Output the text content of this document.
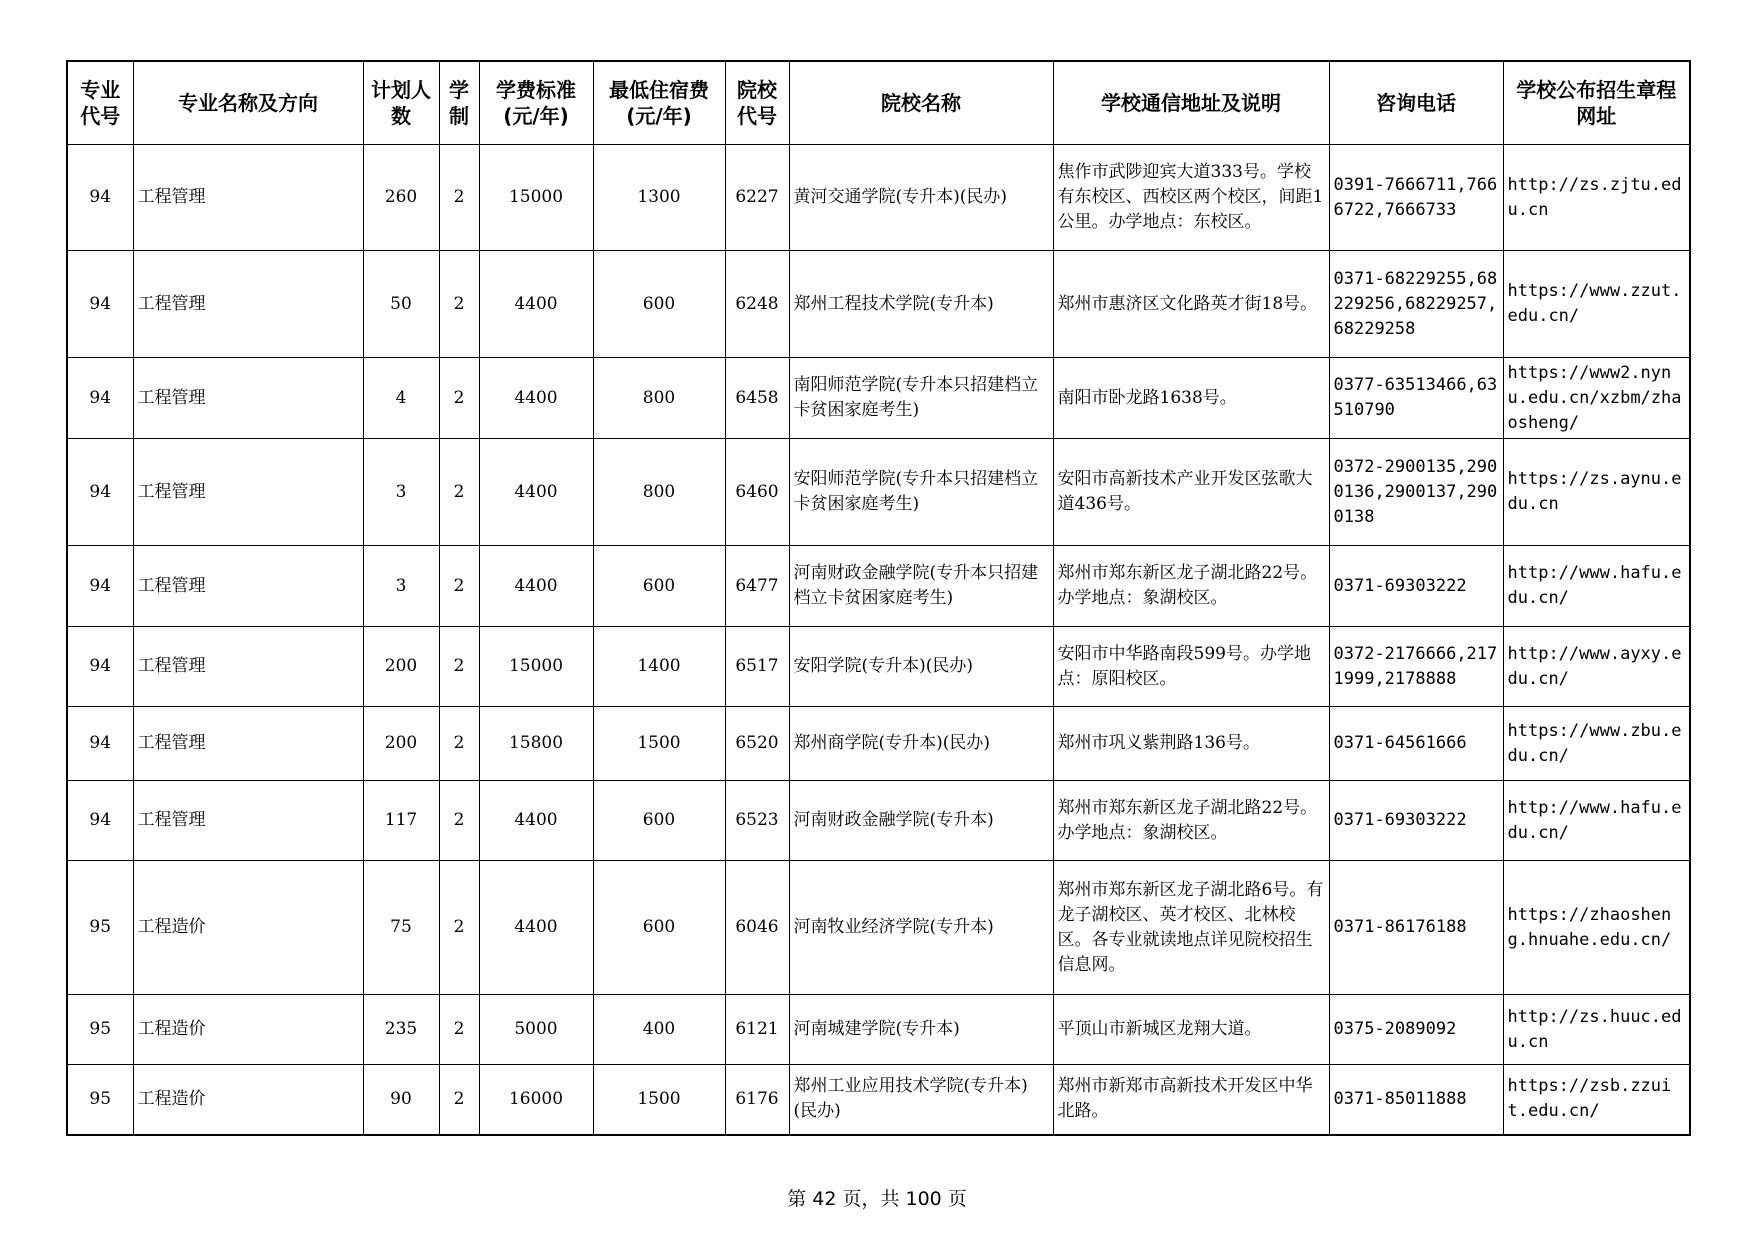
专业代号	专业名称及方向	计划人数	学制	学费标准(元/年)	最低住宿费(元/年)	院校代号	院校名称	学校通信地址及说明	咨询电话	学校公布招生章程网址
94	工程管理	260	2	15000	1300	6227	黄河交通学院(专升本)(民办)	焦作市武陟迎宾大道333号。学校有东校区、西校区两个校区，间距1公里。办学地点：东校区。	0391-7666711,7666722,7666733	http://zs.zjtu.edu.cn
94	工程管理	50	2	4400	600	6248	郑州工程技术学院(专升本)	郑州市惠济区文化路英才街18号。	0371-68229255,68229256,68229257,68229258	https://www.zzut.edu.cn/
94	工程管理	4	2	4400	800	6458	南阳师范学院(专升本只招建档立卡贫困家庭考生)	南阳市卧龙路1638号。	0377-63513466,63510790	https://www2.nynu.edu.cn/xzbm/zhaosheng/
94	工程管理	3	2	4400	800	6460	安阳师范学院(专升本只招建档立卡贫困家庭考生)	安阳市高新技术产业开发区弦歌大道436号。	0372-2900135,2900136,2900137,2900138	https://zs.aynu.edu.cn
94	工程管理	3	2	4400	600	6477	河南财政金融学院(专升本只招建档立卡贫困家庭考生)	郑州市郑东新区龙子湖北路22号。办学地点：象湖校区。	0371-69303222	http://www.hafu.edu.cn/
94	工程管理	200	2	15000	1400	6517	安阳学院(专升本)(民办)	安阳市中华路南段599号。办学地点：原阳校区。	0372-2176666,2171999,2178888	http://www.ayxy.edu.cn/
94	工程管理	200	2	15800	1500	6520	郑州商学院(专升本)(民办)	郑州市巩义紫荆路136号。	0371-64561666	https://www.zbu.edu.cn/
94	工程管理	117	2	4400	600	6523	河南财政金融学院(专升本)	郑州市郑东新区龙子湖北路22号。办学地点：象湖校区。	0371-69303222	http://www.hafu.edu.cn/
95	工程造价	75	2	4400	600	6046	河南牧业经济学院(专升本)	郑州市郑东新区龙子湖北路6号。有龙子湖校区、英才校区、北林校区。各专业就读地点详见院校招生信息网。	0371-86176188	https://zhaosheng.hnuahe.edu.cn/
95	工程造价	235	2	5000	400	6121	河南城建学院(专升本)	平顶山市新城区龙翔大道。	0375-2089092	http://zs.huuc.edu.cn
95	工程造价	90	2	16000	1500	6176	郑州工业应用技术学院(专升本)(民办)	郑州市新郑市高新技术开发区中华北路。	0371-85011888	https://zsb.zzuit.edu.cn/
第 42 页，共 100 页
